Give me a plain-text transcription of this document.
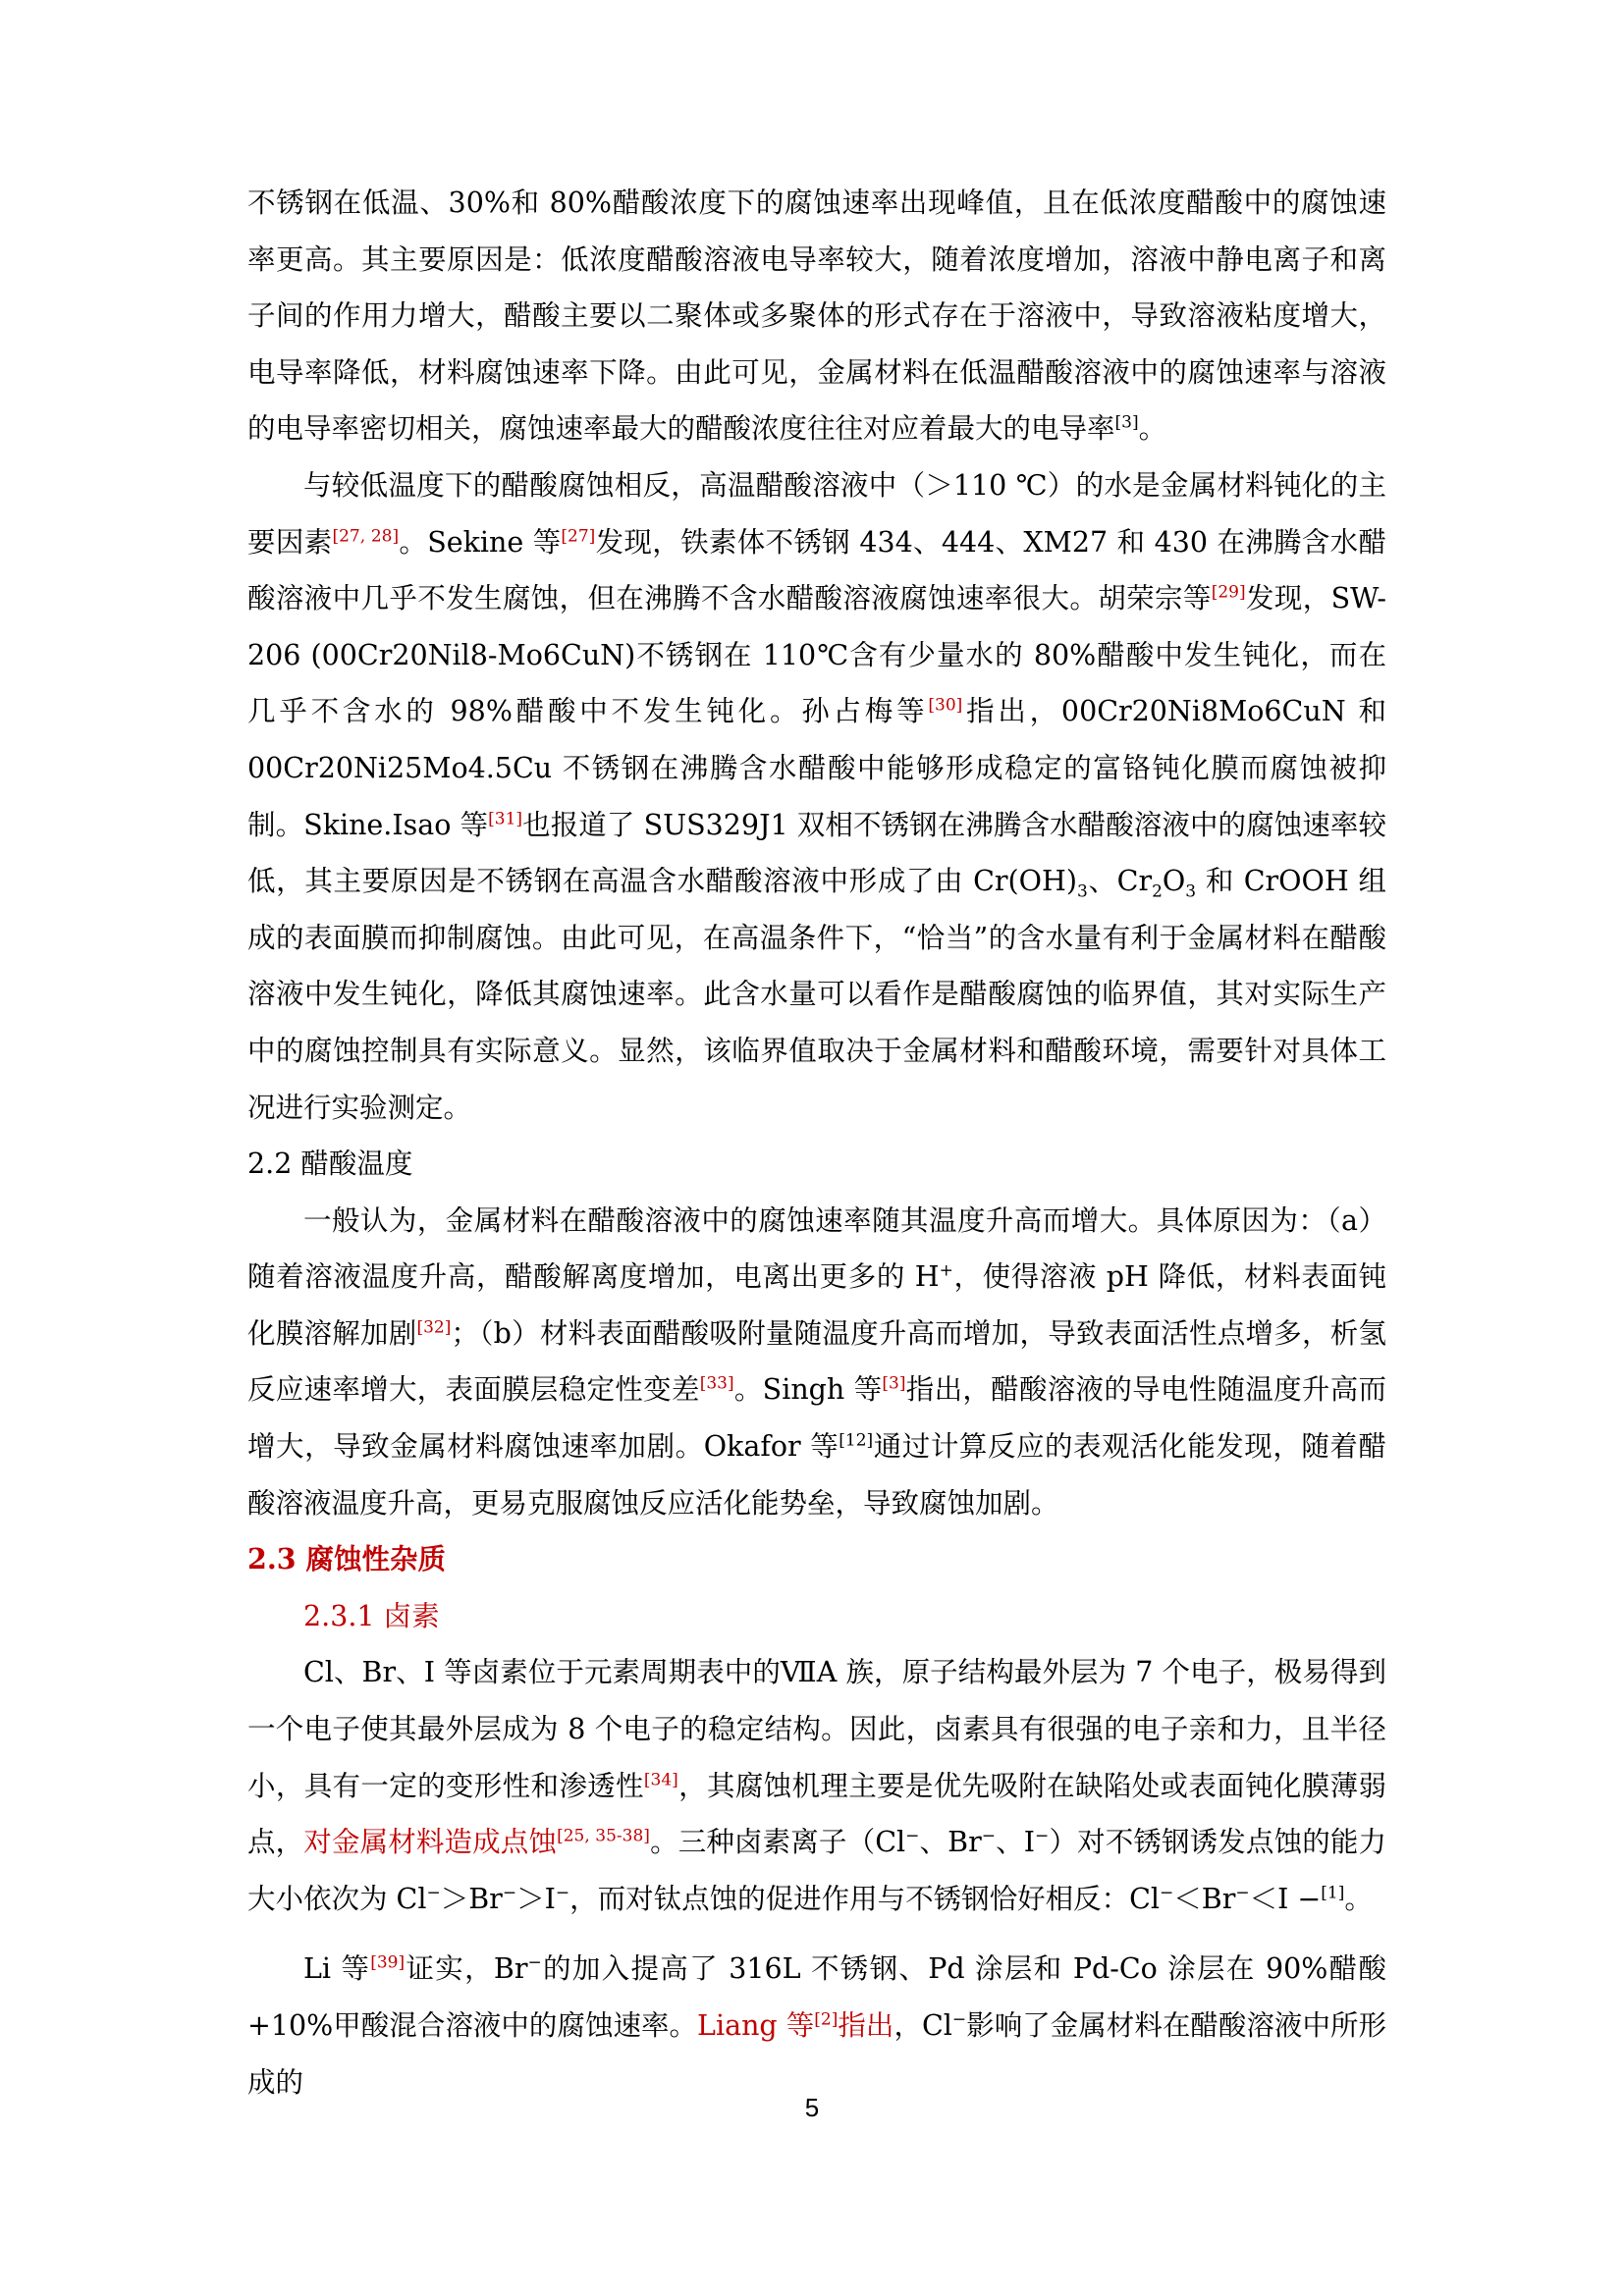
不锈钢在低温、30%和 80%醋酸浓度下的腐蚀速率出现峰值，且在低浓度醋酸中的腐蚀速率更高。其主要原因是：低浓度醋酸溶液电导率较大，随着浓度增加，溶液中静电离子和离子间的作用力增大，醋酸主要以二聚体或多聚体的形式存在于溶液中，导致溶液粘度增大，电导率降低，材料腐蚀速率下降。由此可见，金属材料在低温醋酸溶液中的腐蚀速率与溶液的电导率密切相关，腐蚀速率最大的醋酸浓度往往对应着最大的电导率[3]。

与较低温度下的醋酸腐蚀相反，高温醋酸溶液中（＞110 ℃）的水是金属材料钝化的主要因素[27, 28]。Sekine 等[27]发现，铁素体不锈钢 434、444、XM27 和 430 在沸腾含水醋酸溶液中几乎不发生腐蚀，但在沸腾不含水醋酸溶液腐蚀速率很大。胡荣宗等[29]发现，SW-206 (00Cr20Nil8-Mo6CuN)不锈钢在 110℃含有少量水的 80%醋酸中发生钝化，而在几乎不含水的 98%醋酸中不发生钝化。孙占梅等[30]指出，00Cr20Ni8Mo6CuN 和 00Cr20Ni25Mo4.5Cu 不锈钢在沸腾含水醋酸中能够形成稳定的富铬钝化膜而腐蚀被抑制。Skine.Isao 等[31]也报道了 SUS329J1 双相不锈钢在沸腾含水醋酸溶液中的腐蚀速率较低，其主要原因是不锈钢在高温含水醋酸溶液中形成了由 $Cr(OH)_3$、$Cr_2O_3$ 和 CrOOH 组成的表面膜而抑制腐蚀。由此可见，在高温条件下，“恰当”的含水量有利于金属材料在醋酸溶液中发生钝化，降低其腐蚀速率。此含水量可以看作是醋酸腐蚀的临界值，其对实际生产中的腐蚀控制具有实际意义。显然，该临界值取决于金属材料和醋酸环境，需要针对具体工况进行实验测定。

2.2 醋酸温度

一般认为，金属材料在醋酸溶液中的腐蚀速率随其温度升高而增大。具体原因为：（a）随着溶液温度升高，醋酸解离度增加，电离出更多的 H+，使得溶液 pH 降低，材料表面钝化膜溶解加剧[32]；（b）材料表面醋酸吸附量随温度升高而增加，导致表面活性点增多，析氢反应速率增大，表面膜层稳定性变差[33]。Singh 等[3]指出，醋酸溶液的导电性随温度升高而增大，导致金属材料腐蚀速率加剧。Okafor 等[12]通过计算反应的表观活化能发现，随着醋酸溶液温度升高，更易克服腐蚀反应活化能势垒，导致腐蚀加剧。

2.3 腐蚀性杂质

2.3.1 卤素

Cl、Br、I 等卤素位于元素周期表中的ⅦA 族，原子结构最外层为 7 个电子，极易得到一个电子使其最外层成为 8 个电子的稳定结构。因此，卤素具有很强的电子亲和力，且半径小，具有一定的变形性和渗透性[34]，其腐蚀机理主要是优先吸附在缺陷处或表面钝化膜薄弱点，对金属材料造成点蚀[25, 35-38]。三种卤素离子（Cl−、Br−、I−）对不锈钢诱发点蚀的能力大小依次为 Cl−＞Br−＞I−，而对钛点蚀的促进作用与不锈钢恰好相反：Cl−＜Br−＜I −[1]。

Li 等[39]证实，Br−的加入提高了 316L 不锈钢、Pd 涂层和 Pd-Co 涂层在 90%醋酸+10%甲酸混合溶液中的腐蚀速率。Liang 等[2]指出，Cl−影响了金属材料在醋酸溶液中所形成的

5
